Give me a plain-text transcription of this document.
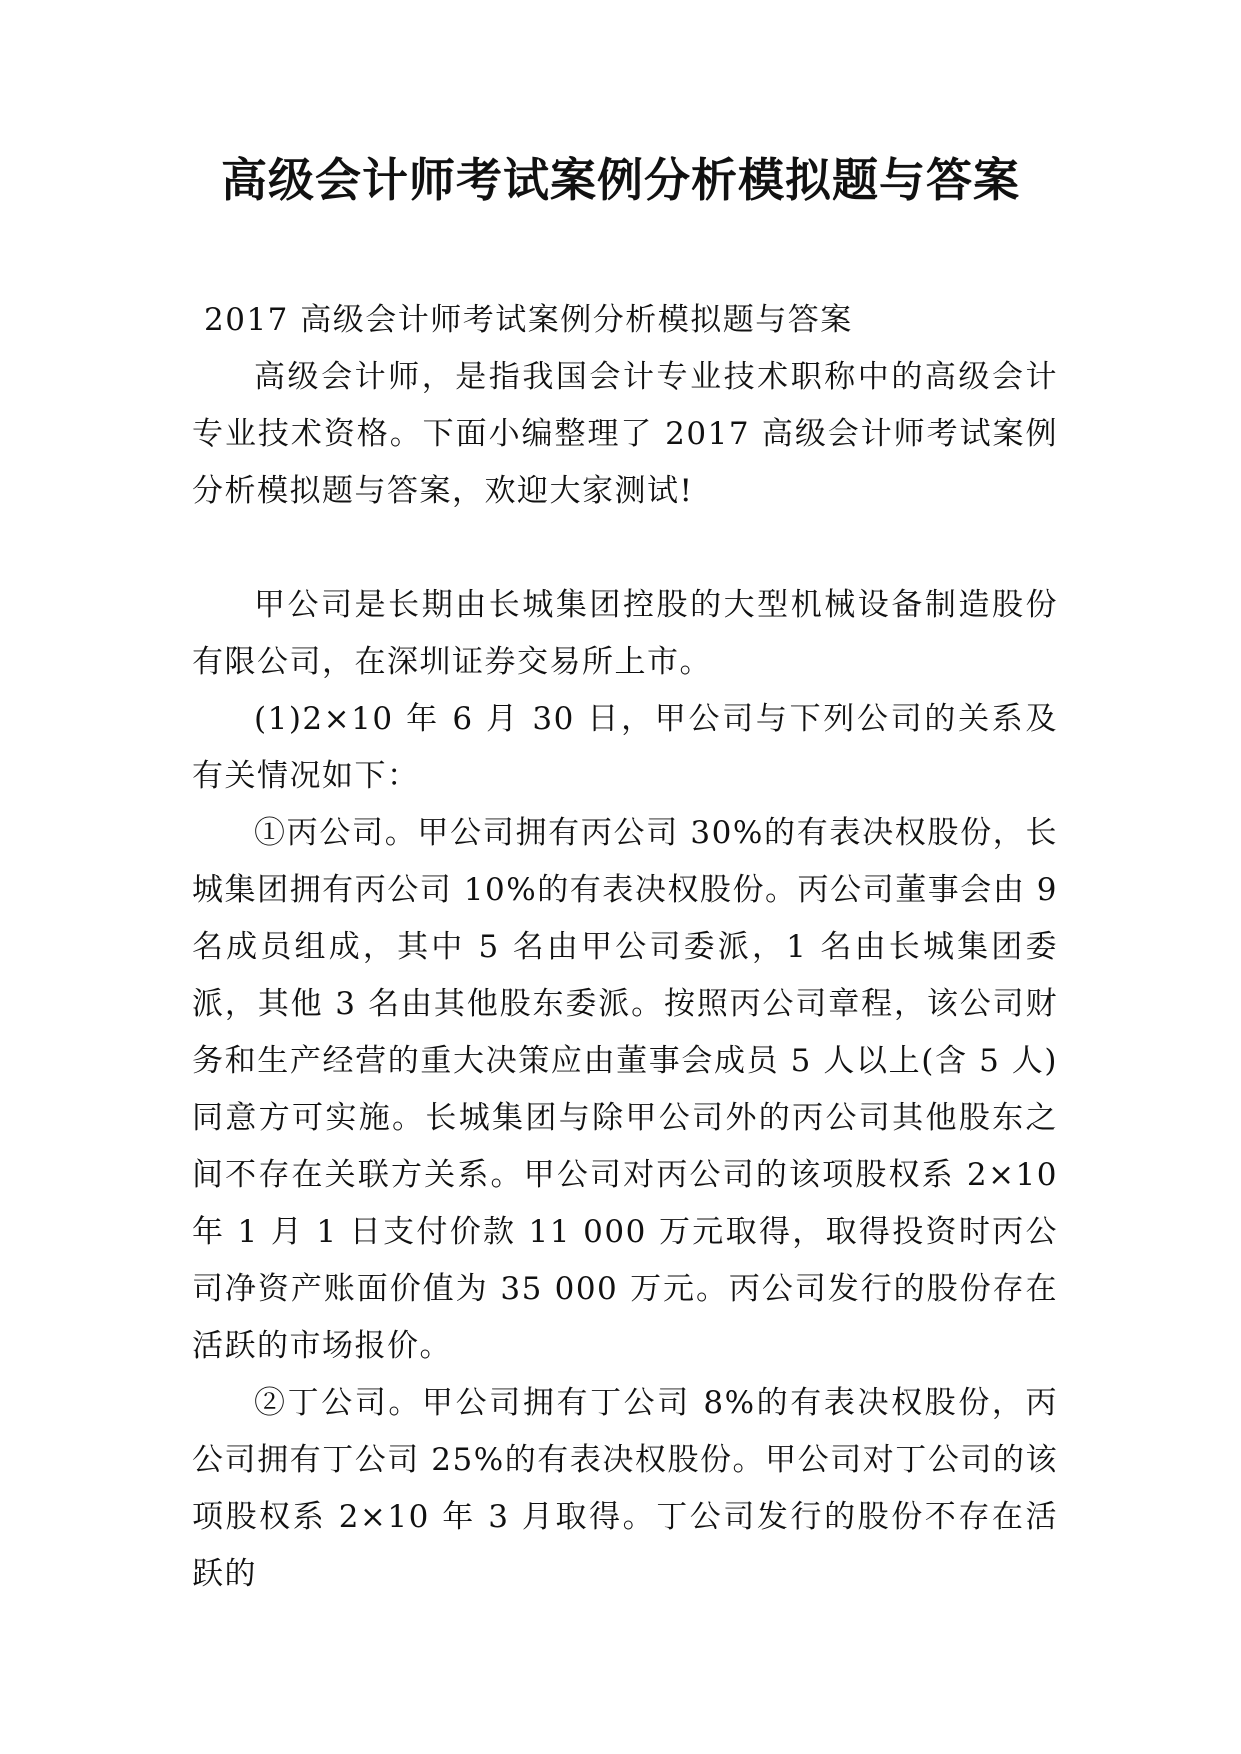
高级会计师考试案例分析模拟题与答案

2017 高级会计师考试案例分析模拟题与答案

高级会计师，是指我国会计专业技术职称中的高级会计专业技术资格。下面小编整理了 2017 高级会计师考试案例分析模拟题与答案，欢迎大家测试!

甲公司是长期由长城集团控股的大型机械设备制造股份有限公司，在深圳证券交易所上市。

(1)2×10 年 6 月 30 日，甲公司与下列公司的关系及有关情况如下：

①丙公司。甲公司拥有丙公司 30%的有表决权股份，长城集团拥有丙公司 10%的有表决权股份。丙公司董事会由 9 名成员组成，其中 5 名由甲公司委派，1 名由长城集团委派，其他 3 名由其他股东委派。按照丙公司章程，该公司财务和生产经营的重大决策应由董事会成员 5 人以上(含 5 人)同意方可实施。长城集团与除甲公司外的丙公司其他股东之间不存在关联方关系。甲公司对丙公司的该项股权系 2×10 年 1 月 1 日支付价款 11 000 万元取得，取得投资时丙公司净资产账面价值为 35 000 万元。丙公司发行的股份存在活跃的市场报价。

②丁公司。甲公司拥有丁公司 8%的有表决权股份，丙公司拥有丁公司 25%的有表决权股份。甲公司对丁公司的该项股权系 2×10 年 3 月取得。丁公司发行的股份不存在活跃的
